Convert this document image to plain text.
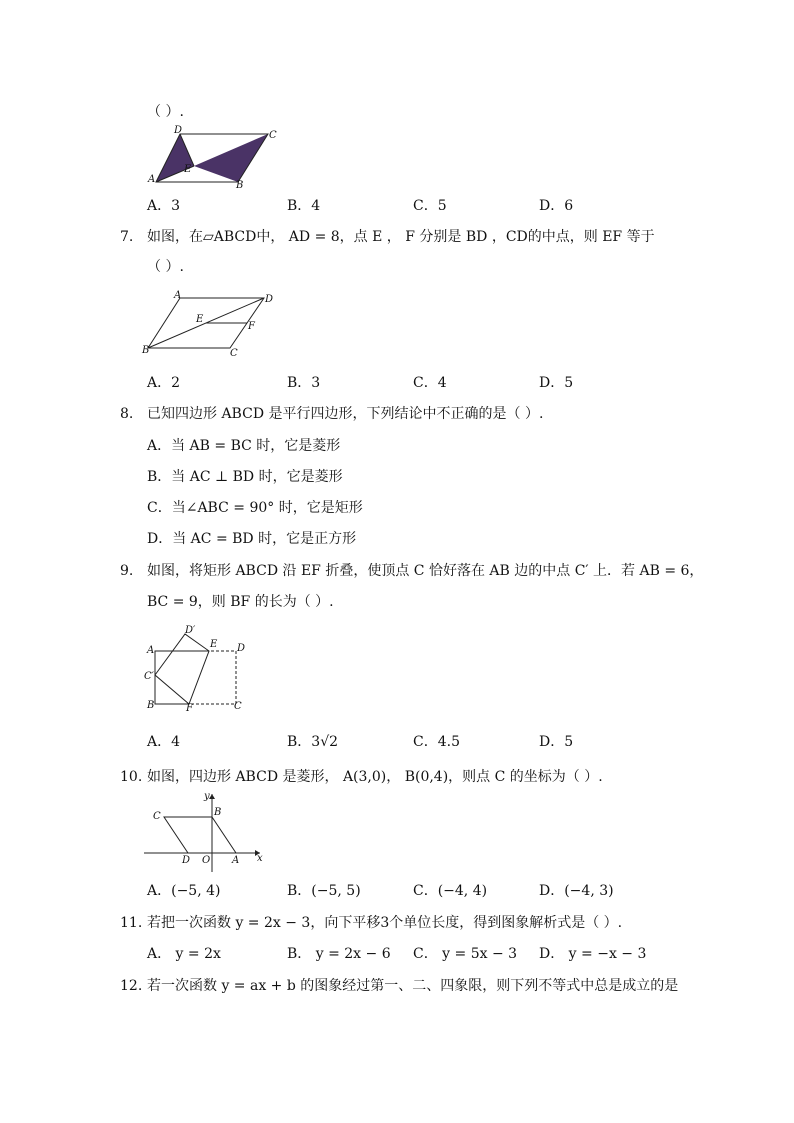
（ ）.
A
D	C
E
B
A．3	B．4	C．5	D．6
7. 如图，在▱ABCD中， AD = 8，点 E ， F 分别是 BD ，CD的中点，则 EF 等于
（ ）.
A	D
E
F
B	C
A．2	B．3	C．4	D．5
8. 已知四边形 ABCD 是平行四边形，下列结论中不正确的是（ ）.
A．当 AB = BC 时，它是菱形
B．当 AC ⊥ BD 时，它是菱形
C．当∠ABC = 90° 时，它是矩形
D．当 AC = BD 时，它是正方形
9. 如图，将矩形 ABCD 沿 EF 折叠，使顶点 C 恰好落在 AB 边的中点 C′ 上．若 AB = 6，
BC = 9，则 BF 的长为（ ）.
D′
E D
A
C′
B	F	C
A．4	B．3√2	C．4.5	D．5
10. 如图，四边形 ABCD 是菱形， A(3,0)， B(0,4)，则点 C 的坐标为（ ）.
y
B
C
D O A x
A．(−5, 4)	B．(−5, 5)	C．(−4, 4)	D．(−4, 3)
11. 若把一次函数 y = 2x − 3，向下平移3个单位长度，得到图象解析式是（ ）.
A． y = 2x	B． y = 2x − 6 C． y = 5x − 3 D． y = −x − 3
12. 若一次函数 y = ax + b 的图象经过第一、二、四象限，则下列不等式中总是成立的是
